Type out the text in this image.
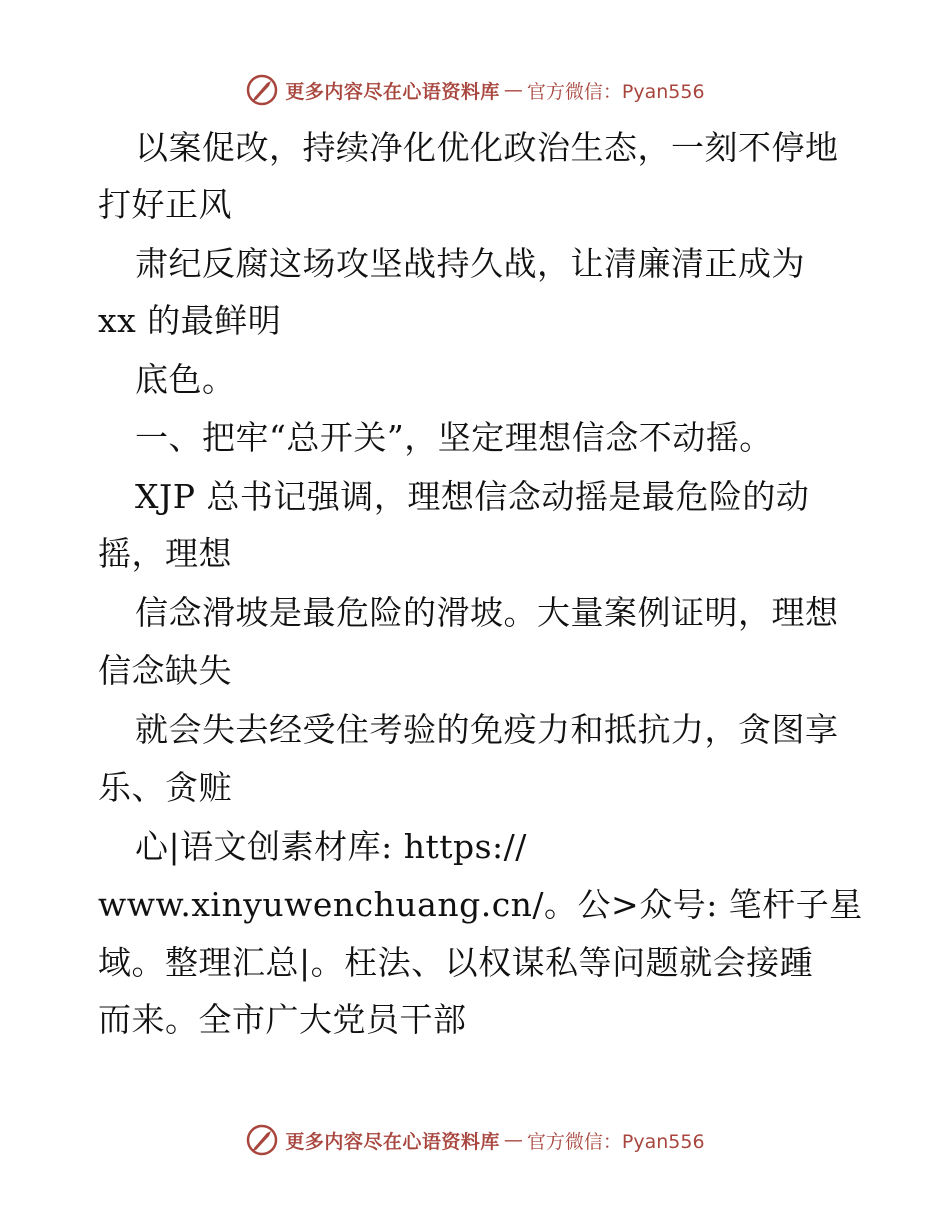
更多内容尽在心语资料库 — 官方微信：Pyan556
以案促改，持续净化优化政治生态，一刻不停地
打好正风
肃纪反腐这场攻坚战持久战，让清廉清正成为
xx 的最鲜明
底色。
一、把牢“总开关”，坚定理想信念不动摇。
XJP 总书记强调，理想信念动摇是最危险的动
摇，理想
信念滑坡是最危险的滑坡。大量案例证明，理想
信念缺失
就会失去经受住考验的免疫力和抵抗力，贪图享
乐、贪赃
心|语文创素材库: https://
www.xinyuwenchuang.cn/。公>众号: 笔杆子星
域。整理汇总|。枉法、以权谋私等问题就会接踵
而来。全市广大党员干部
更多内容尽在心语资料库 — 官方微信：Pyan556
